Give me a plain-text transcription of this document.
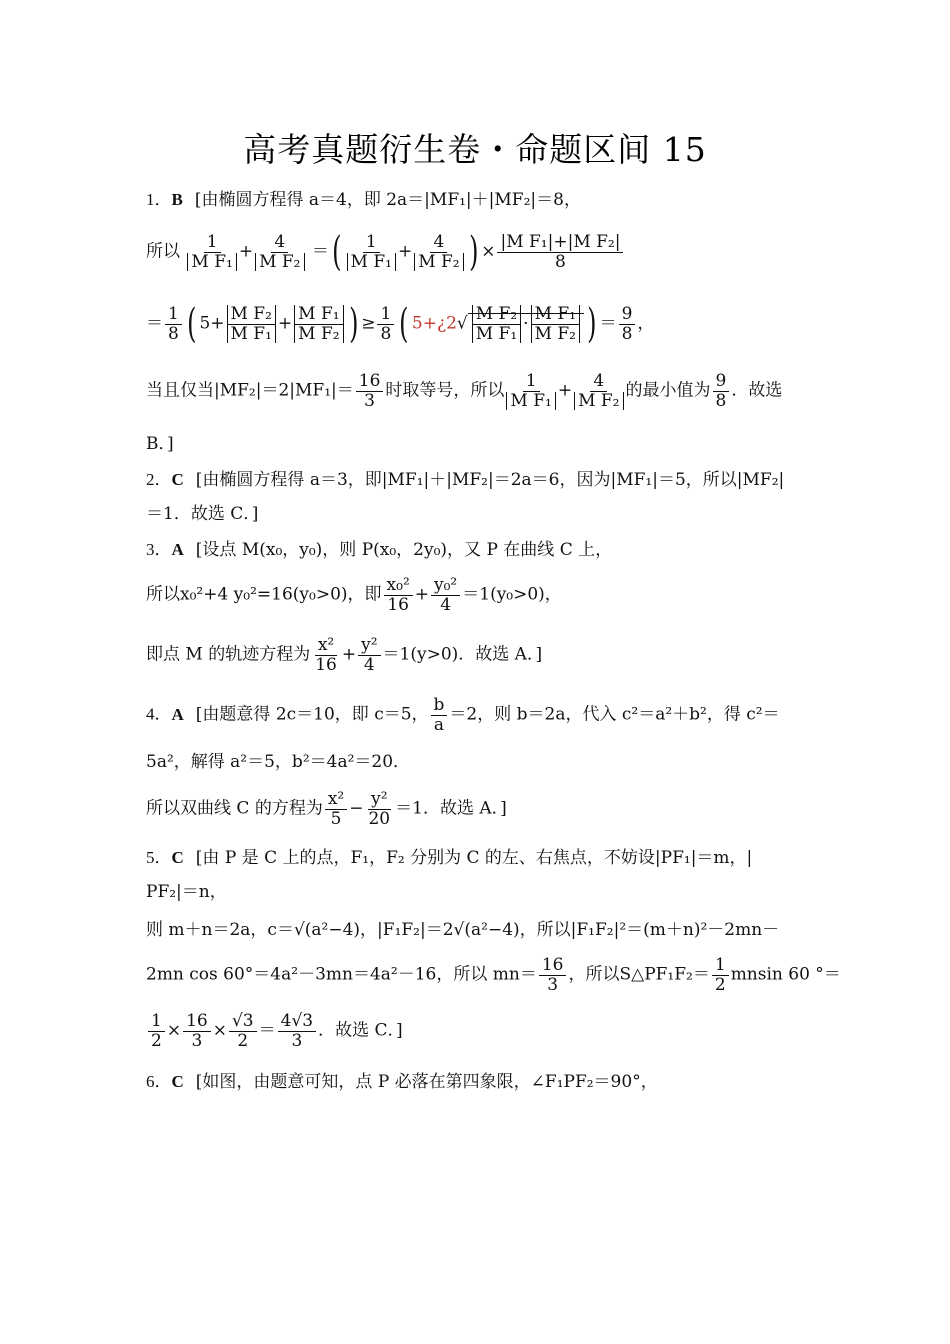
高考真题衍生卷・命题区间 15
1．B [由椭圆方程得 a＝4，即 2a＝|MF₁|＋|MF₂|＝8，
所以 $\frac{1}{\text{M F₁}} + \frac{4}{\text{M F₂}}$ ＝( $\frac{1}{\text{M F₁}} + \frac{4}{\text{M F₂}}$ ) × $\frac{\text{|M F₁|+|M F₂|}}{8}$
＝ $\frac{1}{8}$ ( $5+ \frac{\text{M F₂}}{\text{M F₁}} + \frac{\text{M F₁}}{\text{M F₂}}$ ) ≥ $\frac{1}{8}$ ( 5+¿2√ $\frac{\text{M F₂}}{\text{M F₁}} \cdot \frac{\text{M F₁}}{\text{M F₂}}$ ) ＝ $\frac{9}{8}$ ，
当且仅当$|MF_2|=2|MF_1|= \frac{16}{3}$ 时取等号，所以 $\frac{1}{\text{M F₁}} + \frac{4}{\text{M F₂}}$ 的最小值为 $\frac{9}{8}$ ．故选
B．]
2．C [由椭圆方程得 a＝3，即|MF₁|＋|MF₂|＝2a＝6，因为|MF₁|＝5，所以|MF₂|
＝1．故选 C．]
3．A [设点 M(x₀，y₀)，则 P(x₀，2y₀)，又 P 在曲线 C 上，
所以x₀²+4 y₀²=16(y₀>0)，即 $\frac{\text{x₀²}}{16} + \frac{\text{y₀²}}{4} =1(y_0>0)$，
即点 M 的轨迹方程为 $\frac{\text{x²}}{16} + \frac{\text{y²}}{4} =1(y>0)$．故选 A．]
4．A [由题意得 2c＝10，即 c＝5， $\frac{b}{a} =2$，则 b＝2a，代入 c²＝a²＋b²，得 c²＝
5a²，解得 a²＝5，b²＝4a²＝20．
所以双曲线 C 的方程为 $\frac{\text{x²}}{5} - \frac{\text{y²}}{20} =1$．故选 A．]
5．C [由 P 是 C 上的点，F₁，F₂ 分别为 C 的左、右焦点，不妨设|PF₁|＝m，|
PF₂|＝n，
则 m＋n＝2a，c＝√(a²−4)，|F₁F₂|＝2√(a²−4)，所以|F₁F₂|²＝(m＋n)²－2mn－
2mn cos 60°＝4a²－3mn＝4a²－16，所以 $mn= \frac{16}{3}$ ，所以S△PF₁F₂＝ $\frac{1}{2}$ mnsin 60 °＝
$\frac{1}{2} \times \frac{16}{3} \times \frac{√3}{2} = \frac{4√3}{3}$ ．故选 C．]
6．C [如图，由题意可知，点 P 必落在第四象限，∠F₁PF₂＝90°，
